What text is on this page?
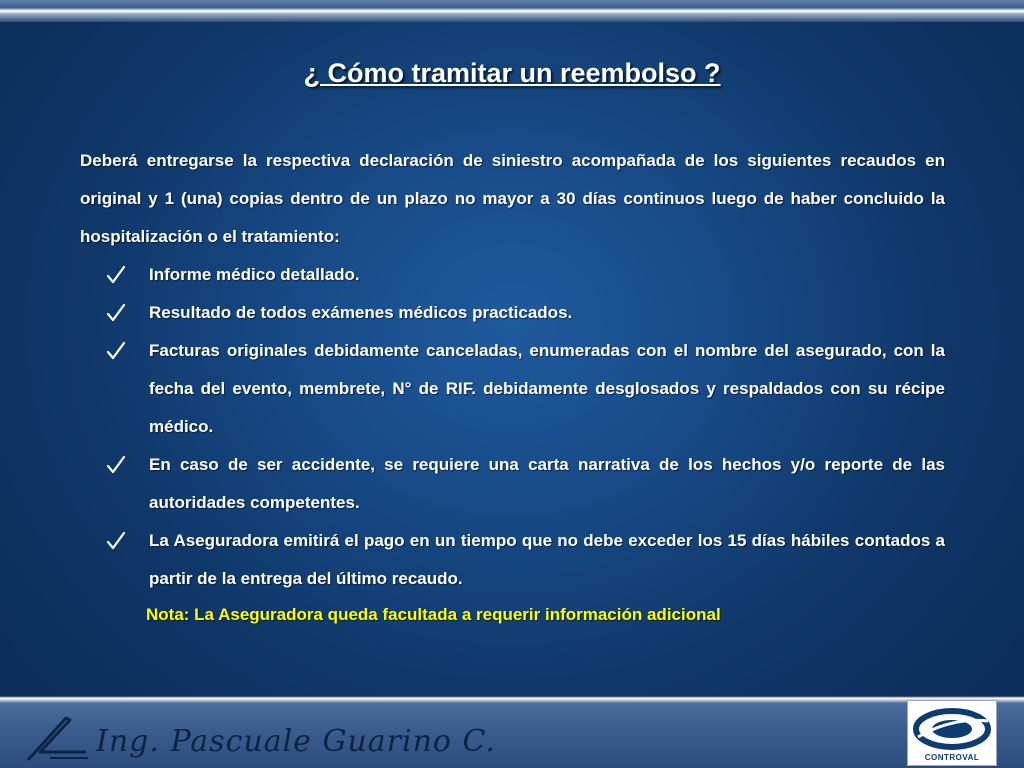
¿ Cómo tramitar un reembolso ?

Deberá entregarse la respectiva declaración de siniestro acompañada de los siguientes recaudos en original y 1 (una) copias dentro de un plazo no mayor a 30 días continuos luego de haber concluido la hospitalización o el tratamiento:

Informe médico detallado.
Resultado de todos exámenes médicos practicados.
Facturas originales debidamente canceladas, enumeradas con el nombre del asegurado, con la fecha del evento, membrete, N° de RIF. debidamente desglosados y respaldados con su récipe médico.
En caso de ser accidente, se requiere una carta narrativa de los hechos y/o reporte de las autoridades competentes.
La Aseguradora emitirá el pago en un tiempo que no debe exceder los 15 días hábiles contados a partir de la entrega del último recaudo.
Nota: La Aseguradora queda facultada a requerir información adicional
Ing. Pascuale Guarino C.	CONTROVAL
